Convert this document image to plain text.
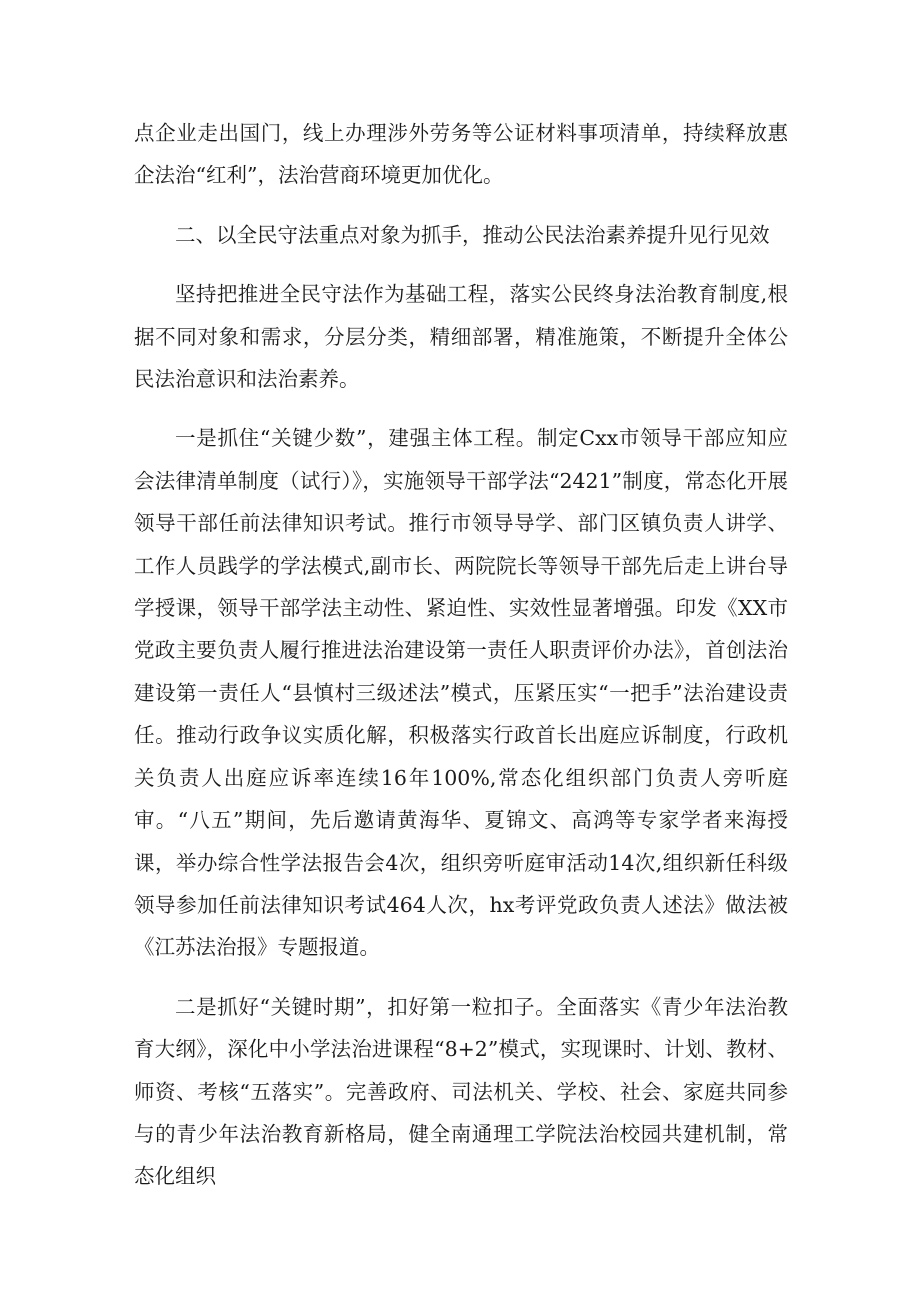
点企业走出国门，线上办理涉外劳务等公证材料事项清单，持续释放惠企法治“红利”，法治营商环境更加优化。

二、以全民守法重点对象为抓手，推动公民法治素养提升见行见效

坚持把推进全民守法作为基础工程，落实公民终身法治教育制度,根据不同对象和需求，分层分类，精细部署，精准施策，不断提升全体公民法治意识和法治素养。

一是抓住“关键少数”，建强主体工程。制定Cxx市领导干部应知应会法律清单制度（试行）》，实施领导干部学法“2421”制度，常态化开展领导干部任前法律知识考试。推行市领导导学、部门区镇负责人讲学、工作人员践学的学法模式,副市长、两院院长等领导干部先后走上讲台导学授课，领导干部学法主动性、紧迫性、实效性显著增强。印发《XX市党政主要负责人履行推进法治建设第一责任人职责评价办法》，首创法治建设第一责任人“县慎村三级述法”模式，压紧压实“一把手”法治建设责任。推动行政争议实质化解，积极落实行政首长出庭应诉制度，行政机关负责人出庭应诉率连续16年100%,常态化组织部门负责人旁听庭审。“八五”期间，先后邀请黄海华、夏锦文、高鸿等专家学者来海授课，举办综合性学法报告会4次，组织旁听庭审活动14次,组织新任科级领导参加任前法律知识考试464人次，hx考评党政负责人述法》做法被《江苏法治报》专题报道。

二是抓好“关键时期”，扣好第一粒扣子。全面落实《青少年法治教育大纲》，深化中小学法治进课程“8+2”模式，实现课时、计划、教材、师资、考核“五落实”。完善政府、司法机关、学校、社会、家庭共同参与的青少年法治教育新格局，健全南通理工学院法治校园共建机制，常态化组织
